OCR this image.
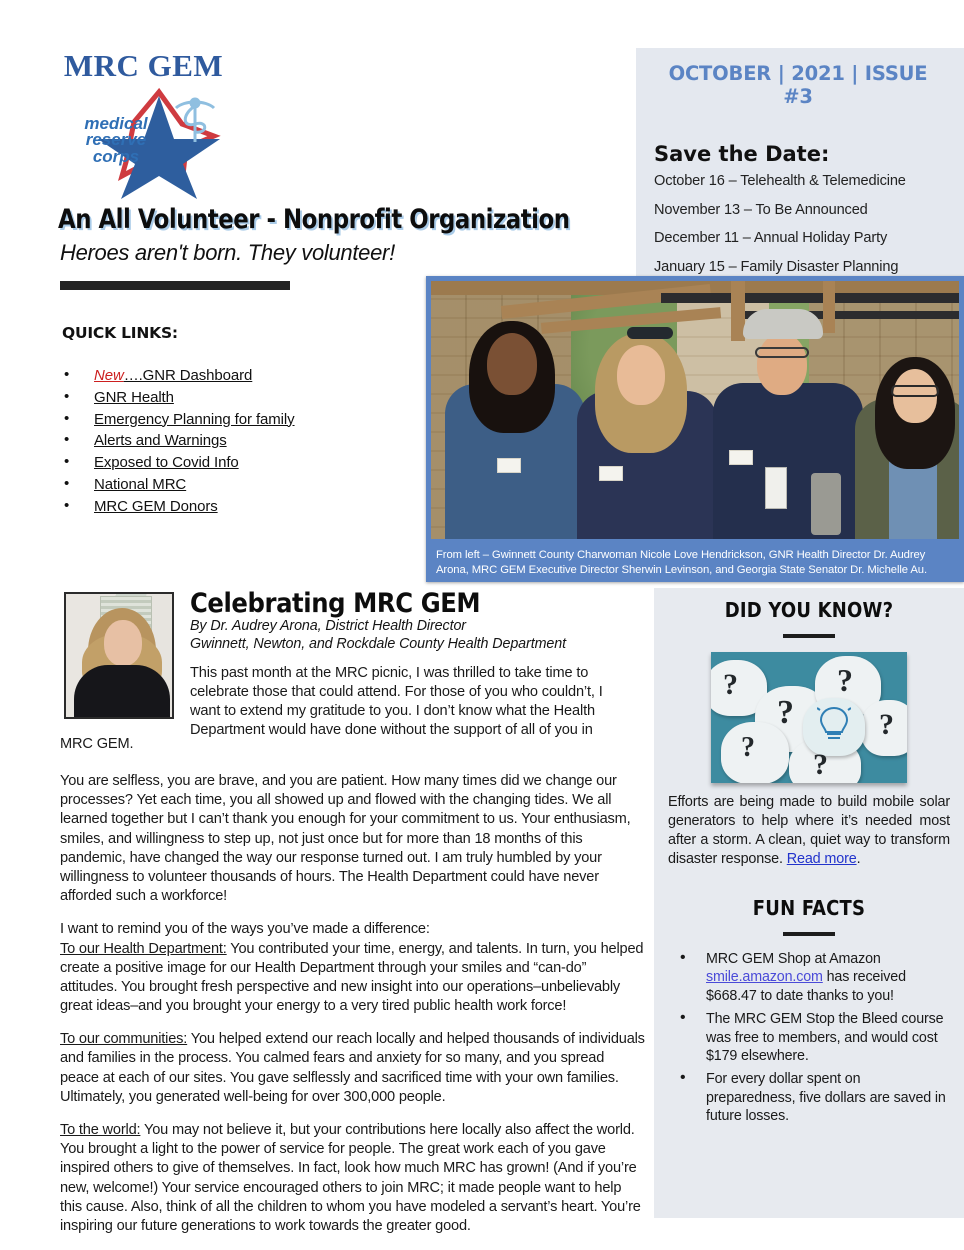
MRC GEM
medical
reserve
corps
An All Volunteer - Nonprofit Organization
Heroes aren't born. They volunteer!
OCTOBER | 2021 | ISSUE #3
Save the Date:
October 16 – Telehealth & Telemedicine
November 13 – To Be Announced
December 11 – Annual Holiday Party
January 15 – Family Disaster Planning
QUICK LINKS:
• New….GNR Dashboard
• GNR Health
• Emergency Planning for family
• Alerts and Warnings
• Exposed to Covid Info
• National MRC
• MRC GEM Donors
From left – Gwinnett County Charwoman Nicole Love Hendrickson, GNR Health Director Dr. Audrey Arona, MRC GEM Executive Director Sherwin Levinson, and Georgia State Senator Dr. Michelle Au.
Celebrating MRC GEM
By Dr. Audrey Arona, District Health Director
Gwinnett, Newton, and Rockdale County Health Department
This past month at the MRC picnic, I was thrilled to take time to celebrate those that could attend. For those of you who couldn’t, I want to extend my gratitude to you. I don’t know what the Health Department would have done without the support of all of you in
MRC GEM.

You are selfless, you are brave, and you are patient. How many times did we change our processes? Yet each time, you all showed up and flowed with the changing tides. We all learned together but I can’t thank you enough for your commitment to us. Your enthusiasm, smiles, and willingness to step up, not just once but for more than 18 months of this pandemic, have changed the way our response turned out. I am truly humbled by your willingness to volunteer thousands of hours. The Health Department could have never afforded such a workforce!

I want to remind you of the ways you’ve made a difference:

To our Health Department: You contributed your time, energy, and talents. In turn, you helped create a positive image for our Health Department through your smiles and “can-do” attitudes. You brought fresh perspective and new insight into our operations–unbelievably great ideas–and you brought your energy to a very tired public health work force!

To our communities: You helped extend our reach locally and helped thousands of individuals and families in the process. You calmed fears and anxiety for so many, and you spread peace at each of our sites. You gave selflessly and sacrificed time with your own families. Ultimately, you generated well-being for over 300,000 people.

To the world: You may not believe it, but your contributions here locally also affect the world. You brought a light to the power of service for people. The great work each of you gave inspired others to give of themselves. In fact, look how much MRC has grown! (And if you’re new, welcome!) Your service encouraged others to join MRC; it made people want to help this cause. Also, think of all the children to whom you have modeled a servant’s heart. You’re inspiring our future generations to work towards the greater good.

DID YOU KNOW?
?
?
?
?
?
?
Efforts are being made to build mobile solar generators to help where it’s needed most after a storm. A clean, quiet way to transform disaster response. Read more.
FUN FACTS
• MRC GEM Shop at Amazon smile.amazon.com has received $668.47 to date thanks to you!
• The MRC GEM Stop the Bleed course was free to members, and would cost $179 elsewhere.
• For every dollar spent on preparedness, five dollars are saved in future losses.
